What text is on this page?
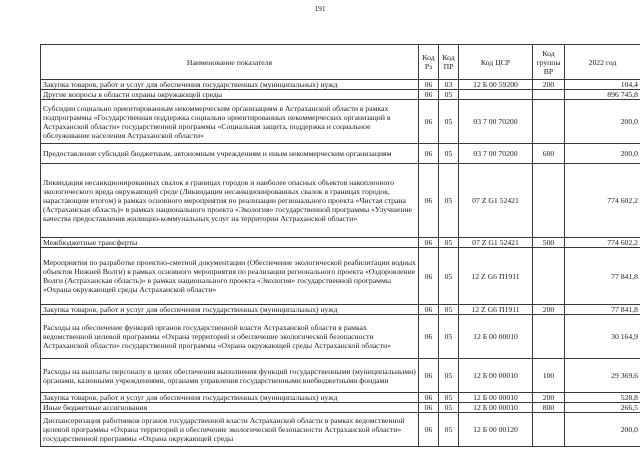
191
Наименование показателя	Код Рз	Код ПР	Код ЦСР	Код группы ВР	2022 год
Закупка товаров, работ и услуг для обеспечения государственных (муниципальных) нужд	06	03	12 Б 00 59200	200	104,4
Другие вопросы в области охраны окружающей среды	06	05			896 745,8
Субсидии социально ориентированным некоммерческим организациям в Астраханской области в рамках подпрограммы «Государственная поддержка социально ориентированных некоммерческих организаций в Астраханской области» государственной программы «Социальная защита, поддержка и социальное обслуживание населения Астраханской области»	06	05	03 7 00 70200		200,0
Предоставление субсидий бюджетным, автономным учреждениям и иным некоммерческим организациям	06	05	03 7 00 70200	600	200,0
Ликвидация несанкционированных свалок в границах городов и наиболее опасных объектов накопленного экологического вреда окружающей среде (Ликвидация несанкционированных свалок в границах городов, нарастающим итогом) в рамках основного мероприятия по реализации регионального проекта «Чистая страна (Астраханская область)» в рамках национального проекта «Экология» государственной программы «Улучшение качества предоставления жилищно-коммунальных услуг на территории Астраханской области»	06	05	07 Z G1 52421		774 602,2
Межбюджетные трансферты	06	05	07 Z G1 52421	500	774 602,2
Мероприятия по разработке проектно-сметной документации (Обеспечение экологической реабилитации водных объектов Нижней Волги) в рамках основного мероприятия по реализации регионального проекта «Оздоровление Волги (Астраханская область)» в рамках национального проекта «Экология» государственной программы «Охрана окружающей среды Астраханской области»	06	05	12 Z G6 П1911		77 841,8
Закупка товаров, работ и услуг для обеспечения государственных (муниципальных) нужд	06	05	12 Z G6 П1911	200	77 841,8
Расходы на обеспечение функций органов государственной власти Астраханской области в рамках ведомственной целевой программы «Охрана территорий и обеспечение экологической безопасности Астраханской области» государственной программы «Охрана окружающей среды Астраханской области»	06	05	12 Б 00 00010		30 164,9
Расходы на выплаты персоналу в целях обеспечения выполнения функций государственными (муниципальными) органами, казенными учреждениями, органами управления государственными внебюджетными фондами	06	05	12 Б 00 00010	100	29 369,6
Закупка товаров, работ и услуг для обеспечения государственных (муниципальных) нужд	06	05	12 Б 00 00010	200	528,8
Иные бюджетные ассигнования	06	05	12 Б 00 00010	800	266,5
Диспансеризация работников органов государственной власти Астраханской области в рамках ведомственной целевой программы «Охрана территорий и обеспечение экологической безопасности Астраханской области» государственной программы «Охрана окружающей среды	06	05	12 Б 00 00120		200,0
